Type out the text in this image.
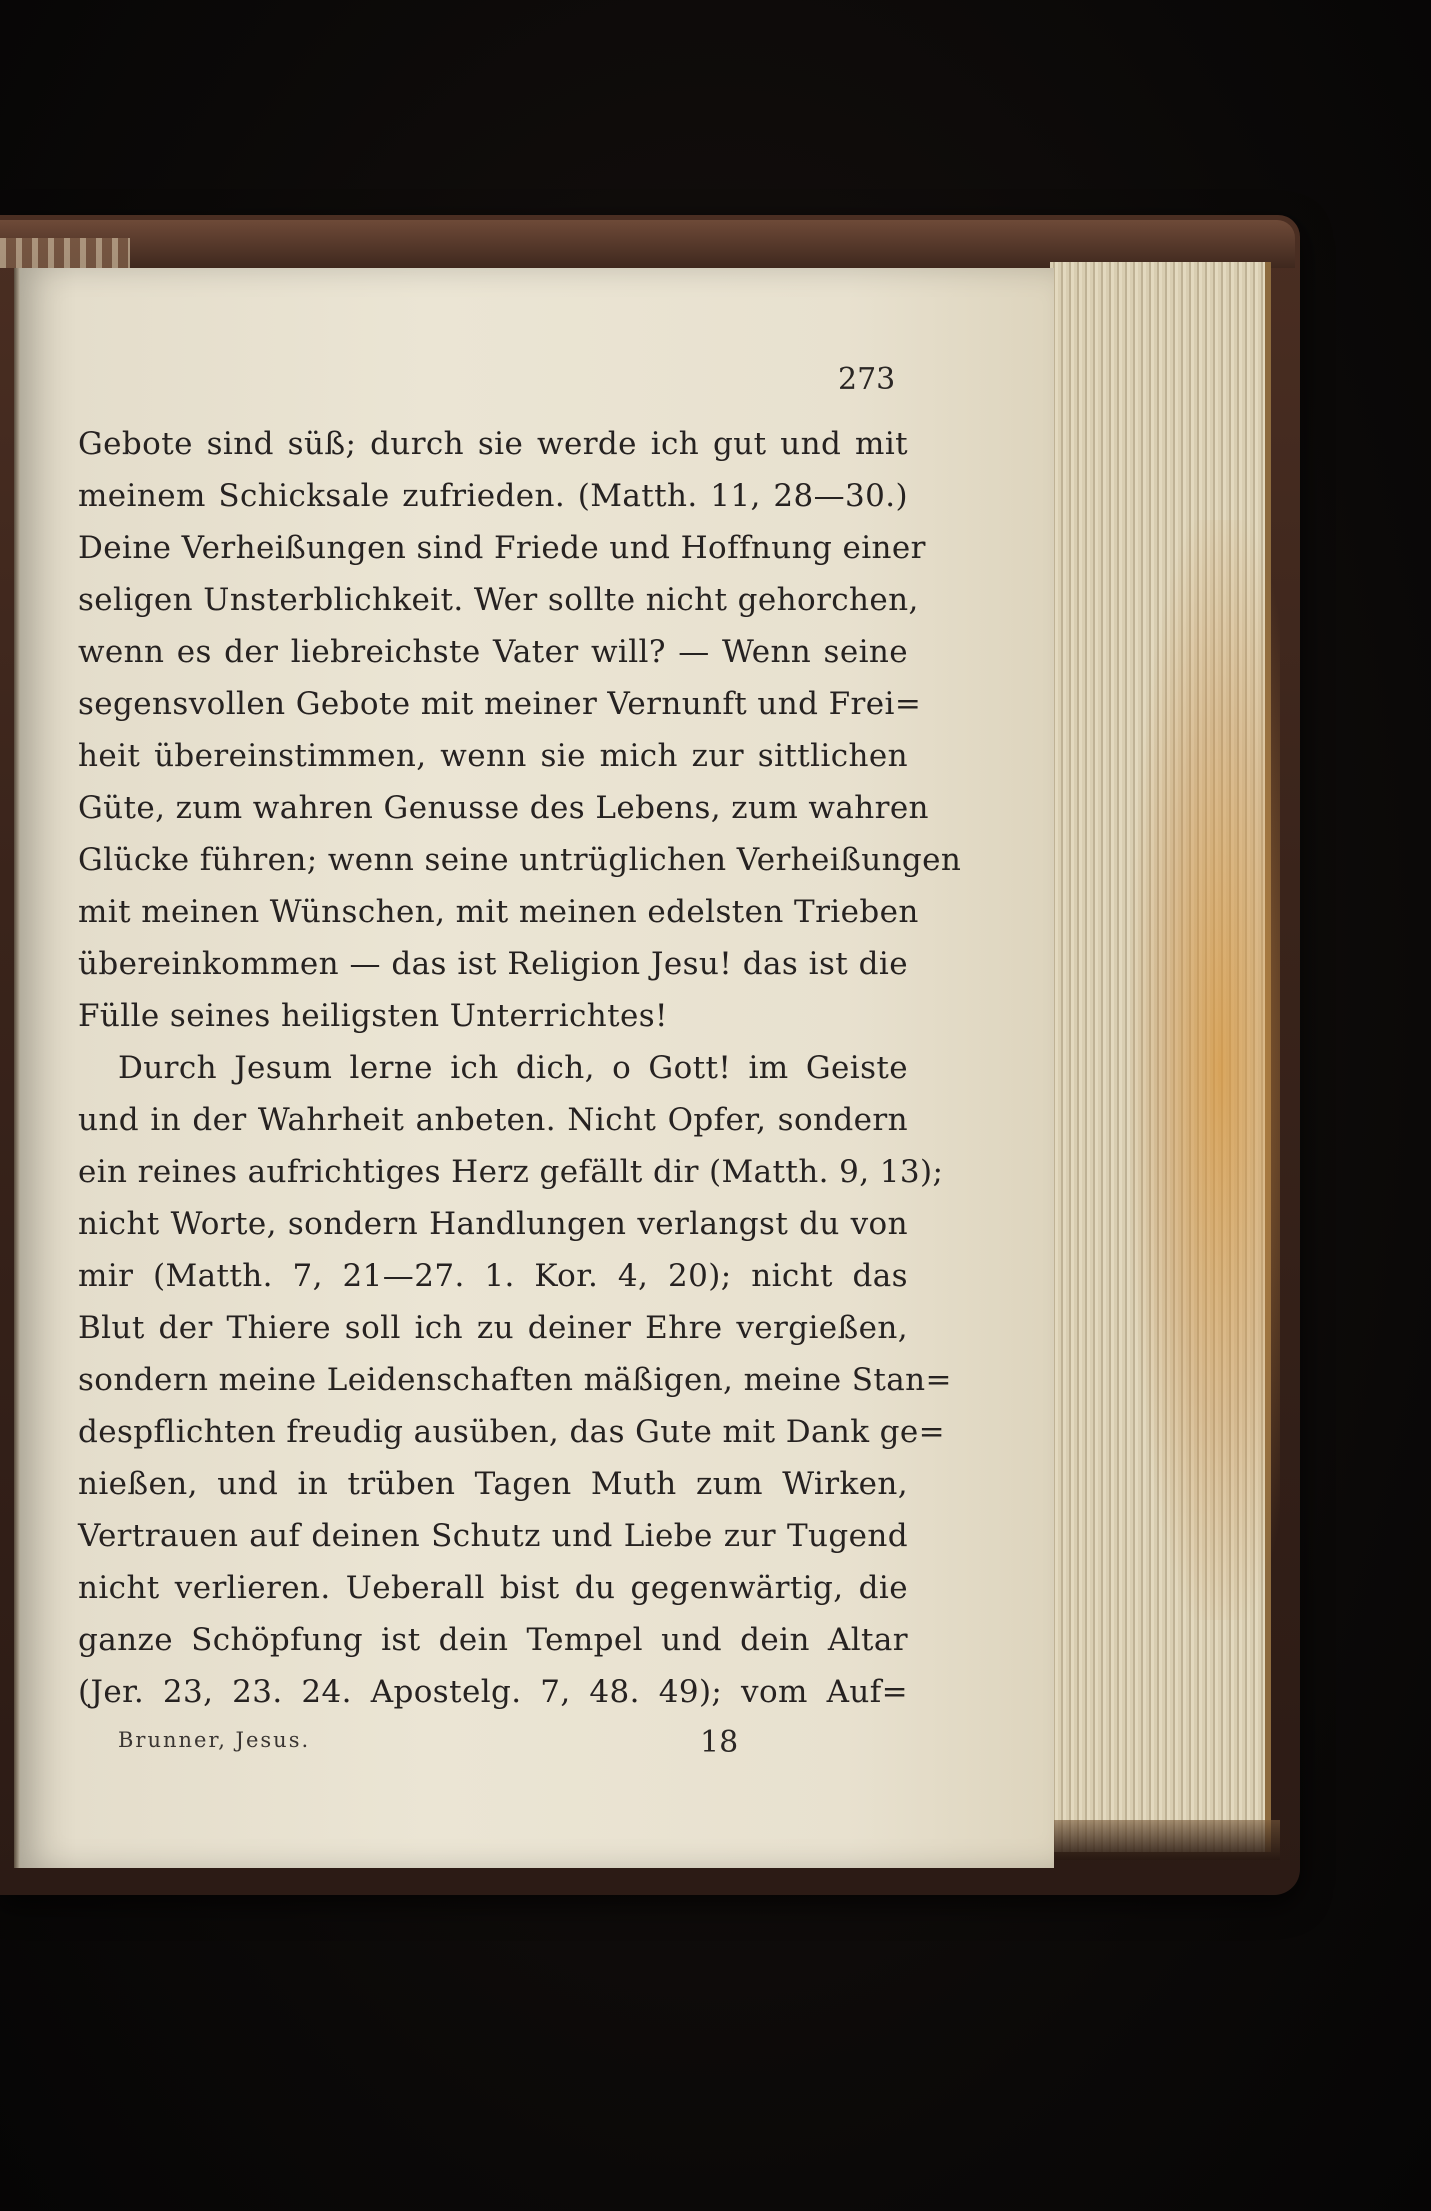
273
Gebote sind süß; durch sie werde ich gut und mit
meinem Schicksale zufrieden. (Matth. 11, 28—30.)
Deine Verheißungen sind Friede und Hoffnung einer
seligen Unsterblichkeit. Wer sollte nicht gehorchen,
wenn es der liebreichste Vater will? — Wenn seine
segensvollen Gebote mit meiner Vernunft und Frei=
heit übereinstimmen, wenn sie mich zur sittlichen
Güte, zum wahren Genusse des Lebens, zum wahren
Glücke führen; wenn seine untrüglichen Verheißungen
mit meinen Wünschen, mit meinen edelsten Trieben
übereinkommen — das ist Religion Jesu! das ist die
Fülle seines heiligsten Unterrichtes!
Durch Jesum lerne ich dich, o Gott! im Geiste
und in der Wahrheit anbeten. Nicht Opfer, sondern
ein reines aufrichtiges Herz gefällt dir (Matth. 9, 13);
nicht Worte, sondern Handlungen verlangst du von
mir (Matth. 7, 21—27. 1. Kor. 4, 20); nicht das
Blut der Thiere soll ich zu deiner Ehre vergießen,
sondern meine Leidenschaften mäßigen, meine Stan=
despflichten freudig ausüben, das Gute mit Dank ge=
nießen, und in trüben Tagen Muth zum Wirken,
Vertrauen auf deinen Schutz und Liebe zur Tugend
nicht verlieren. Ueberall bist du gegenwärtig, die
ganze Schöpfung ist dein Tempel und dein Altar
(Jer. 23, 23. 24. Apostelg. 7, 48. 49); vom Auf=
Brunner, Jesus.	18
